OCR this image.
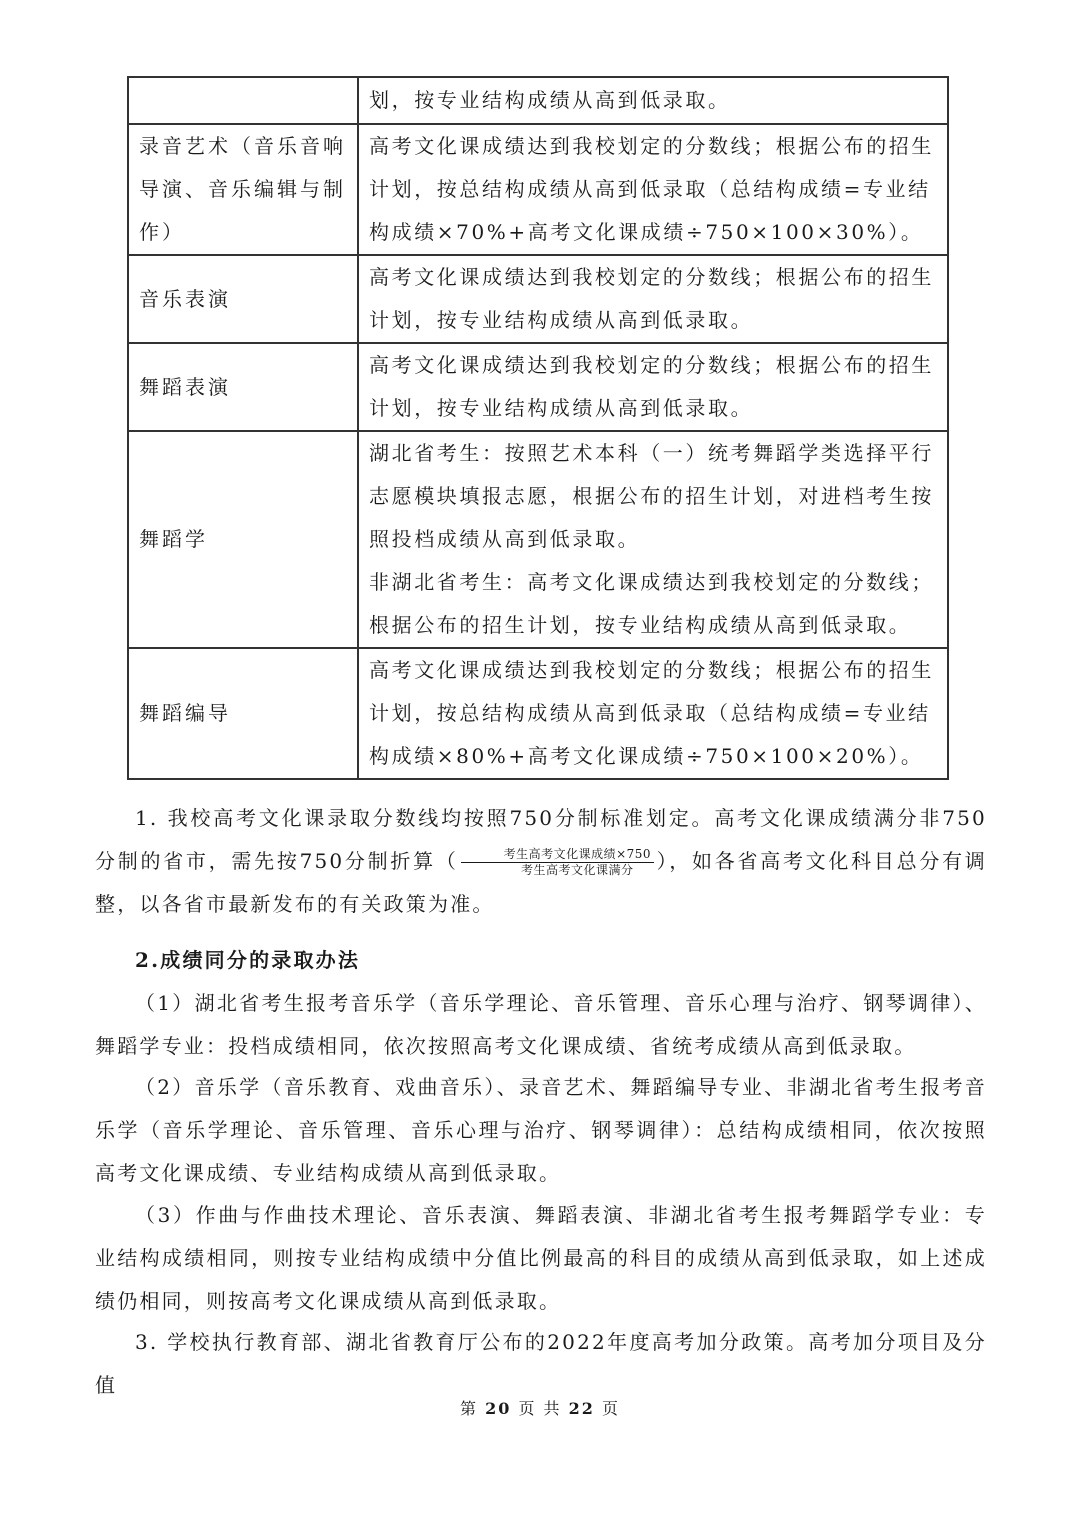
	划，按专业结构成绩从高到低录取。

录音艺术（音乐音响导演、音乐编辑与制作）	高考文化课成绩达到我校划定的分数线；根据公布的招生计划，按总结构成绩从高到低录取（总结构成绩=专业结构成绩×70%+高考文化课成绩÷750×100×30%）。

音乐表演	高考文化课成绩达到我校划定的分数线；根据公布的招生计划，按专业结构成绩从高到低录取。

舞蹈表演	高考文化课成绩达到我校划定的分数线；根据公布的招生计划，按专业结构成绩从高到低录取。

舞蹈学	湖北省考生：按照艺术本科（一）统考舞蹈学类选择平行志愿模块填报志愿，根据公布的招生计划，对进档考生按照投档成绩从高到低录取。
非湖北省考生：高考文化课成绩达到我校划定的分数线；根据公布的招生计划，按专业结构成绩从高到低录取。

舞蹈编导	高考文化课成绩达到我校划定的分数线；根据公布的招生计划，按总结构成绩从高到低录取（总结构成绩=专业结构成绩×80%+高考文化课成绩÷750×100×20%）。

1. 我校高考文化课录取分数线均按照750分制标准划定。高考文化课成绩满分非750分制的省市，需先按750分制折算（ $\frac{\text{考生高考文化课成绩×750}}{\text{考生高考文化课满分}}$ ），如各省高考文化科目总分有调整，以各省市最新发布的有关政策为准。

2.成绩同分的录取办法

（1）湖北省考生报考音乐学（音乐学理论、音乐管理、音乐心理与治疗、钢琴调律）、舞蹈学专业：投档成绩相同，依次按照高考文化课成绩、省统考成绩从高到低录取。

（2）音乐学（音乐教育、戏曲音乐）、录音艺术、舞蹈编导专业、非湖北省考生报考音乐学（音乐学理论、音乐管理、音乐心理与治疗、钢琴调律）：总结构成绩相同，依次按照高考文化课成绩、专业结构成绩从高到低录取。

（3）作曲与作曲技术理论、音乐表演、舞蹈表演、非湖北省考生报考舞蹈学专业：专业结构成绩相同，则按专业结构成绩中分值比例最高的科目的成绩从高到低录取，如上述成绩仍相同，则按高考文化课成绩从高到低录取。

3. 学校执行教育部、湖北省教育厅公布的2022年度高考加分政策。高考加分项目及分值

第 20 页 共 22 页
